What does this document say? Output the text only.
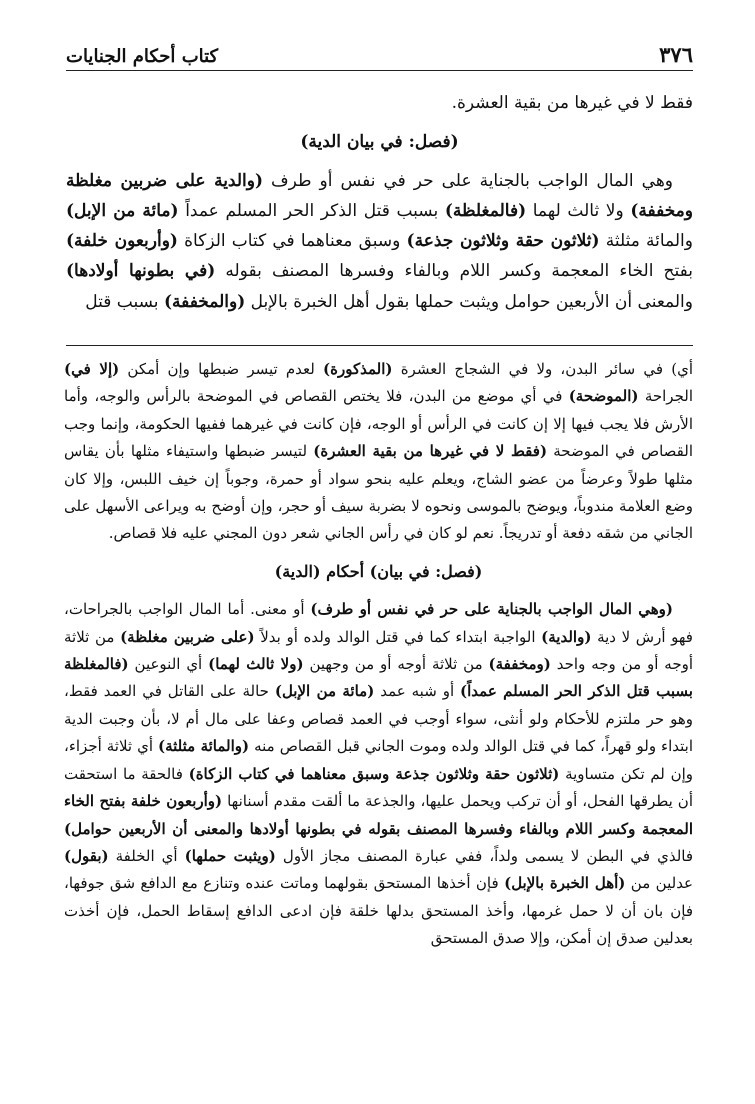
٣٧٦
كتاب أحكام الجنايات

فقط لا في غيرها من بقية العشرة.

(فصل: في بيان الدية)

وهي المال الواجب بالجناية على حر في نفس أو طرف (والدية على ضربين مغلظة ومخففة) ولا ثالث لهما (فالمغلظة) بسبب قتل الذكر الحر المسلم عمداً (مائة من الإبل) والمائة مثلثة (ثلاثون حقة وثلاثون جذعة) وسبق معناهما في كتاب الزكاة (وأربعون خلفة) بفتح الخاء المعجمة وكسر اللام وبالفاء وفسرها المصنف بقوله (في بطونها أولادها) والمعنى أن الأربعين حوامل ويثبت حملها بقول أهل الخبرة بالإبل (والمخففة) بسبب قتل

أي) في سائر البدن، ولا في الشجاج العشرة (المذكورة) لعدم تيسر ضبطها وإن أمكن (إلا في) الجراحة (الموضحة) في أي موضع من البدن، فلا يختص القصاص في الموضحة بالرأس والوجه، وأما الأرش فلا يجب فيها إلا إن كانت في الرأس أو الوجه، فإن كانت في غيرهما ففيها الحكومة، وإنما وجب القصاص في الموضحة (فقط لا في غيرها من بقية العشرة) لتيسر ضبطها واستيفاء مثلها بأن يقاس مثلها طولاً وعرضاً من عضو الشاج، ويعلم عليه بنحو سواد أو حمرة، وجوباً إن خيف اللبس، وإلا كان وضع العلامة مندوباً، ويوضح بالموسى ونحوه لا بضربة سيف أو حجر، وإن أوضح به ويراعى الأسهل على الجاني من شقه دفعة أو تدريجاً. نعم لو كان في رأس الجاني شعر دون المجني عليه فلا قصاص.

(فصل: في بيان) أحكام (الدية)

(وهي المال الواجب بالجناية على حر في نفس أو طرف) أو معنى. أما المال الواجب بالجراحات، فهو أرش لا دية (والدية) الواجبة ابتداء كما في قتل الوالد ولده أو بدلاً (على ضربين مغلظة) من ثلاثة أوجه أو من وجه واحد (ومخففة) من ثلاثة أوجه أو من وجهين (ولا ثالث لهما) أي النوعين (فالمغلظة بسبب قتل الذكر الحر المسلم عمداً) أو شبه عمد (مائة من الإبل) حالة على القاتل في العمد فقط، وهو حر ملتزم للأحكام ولو أنثى، سواء أوجب في العمد قصاص وعفا على مال أم لا، بأن وجبت الدية ابتداء ولو قهراً، كما في قتل الوالد ولده وموت الجاني قبل القصاص منه (والمائة مثلثة) أي ثلاثة أجزاء، وإن لم تكن متساوية (ثلاثون حقة وثلاثون جذعة وسبق معناهما في كتاب الزكاة) فالحقة ما استحقت أن يطرقها الفحل، أو أن تركب ويحمل عليها، والجذعة ما ألقت مقدم أسنانها (وأربعون خلفة بفتح الخاء المعجمة وكسر اللام وبالفاء وفسرها المصنف بقوله في بطونها أولادها والمعنى أن الأربعين حوامل) فالذي في البطن لا يسمى ولداً، ففي عبارة المصنف مجاز الأول (ويثبت حملها) أي الخلفة (بقول) عدلين من (أهل الخبرة بالإبل) فإن أخذها المستحق بقولهما وماتت عنده وتنازع مع الدافع شق جوفها، فإن بان أن لا حمل غرمها، وأخذ المستحق بدلها خلقة فإن ادعى الدافع إسقاط الحمل، فإن أخذت بعدلين صدق إن أمكن، وإلا صدق المستحق
